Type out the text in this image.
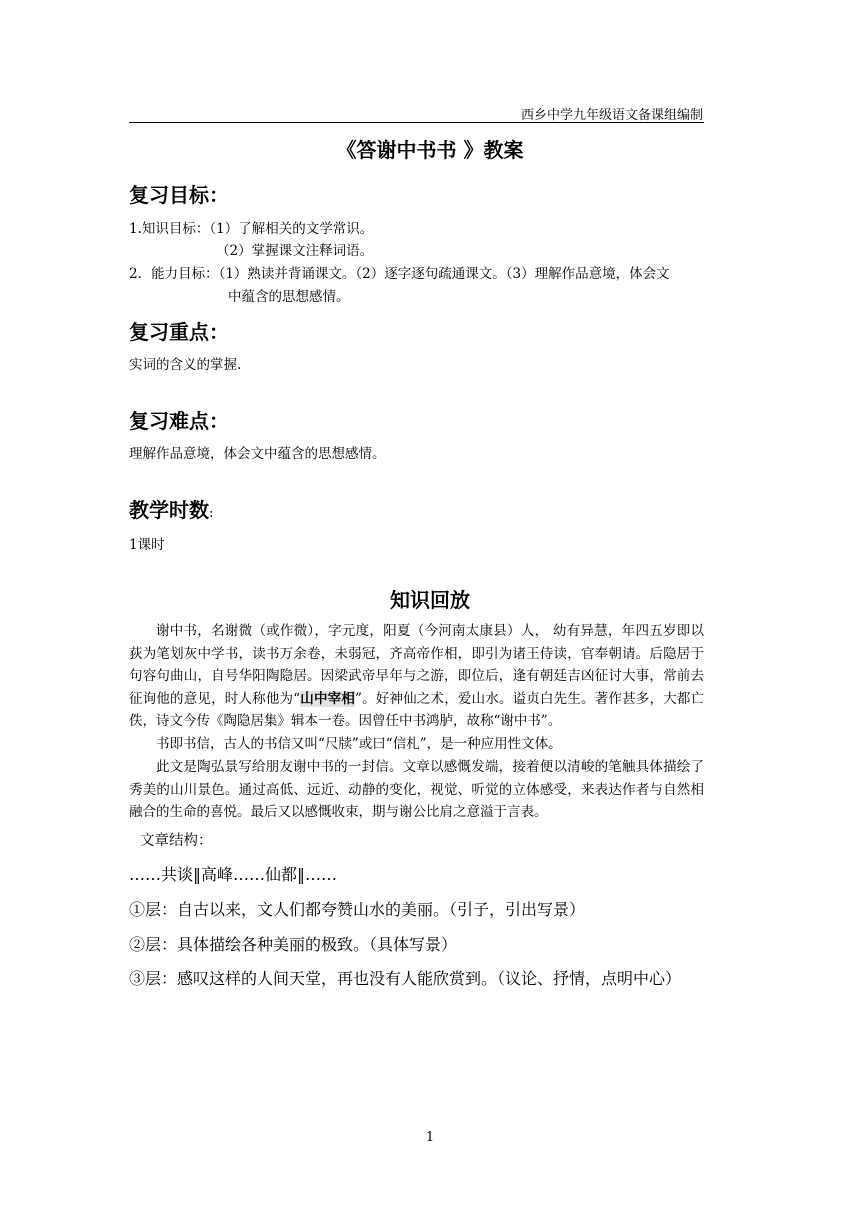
西乡中学九年级语文备课组编制
《答谢中书书 》教案
复习目标：
1.知识目标：（1）了解相关的文学常识。
（2）掌握课文注释词语。
2．能力目标：（1）熟读并背诵课文。（2）逐字逐句疏通课文。（3）理解作品意境，体会文
中蕴含的思想感情。
复习重点：
实词的含义的掌握.
复习难点：
理解作品意境，体会文中蕴含的思想感情。
教学时数:
1课时
知识回放
谢中书，名谢微（或作微），字元度，阳夏（今河南太康县）人， 幼有异慧，年四五岁即以荻为笔划灰中学书，读书万余卷，未弱冠，齐高帝作相，即引为诸王侍读，官奉朝请。后隐居于句容句曲山，自号华阳陶隐居。因梁武帝早年与之游，即位后，逢有朝廷吉凶征讨大事，常前去征询他的意见，时人称他为“山中宰相”。好神仙之术，爱山水。谥贞白先生。著作甚多，大都亡佚，诗文今传《陶隐居集》辑本一卷。因曾任中书鸿胪，故称“谢中书”。
书即书信，古人的书信又叫“尺牍”或曰“信札”，是一种应用性文体。
此文是陶弘景写给朋友谢中书的一封信。文章以感慨发端，接着便以清峻的笔触具体描绘了秀美的山川景色。通过高低、远近、动静的变化，视觉、听觉的立体感受，来表达作者与自然相融合的生命的喜悦。最后又以感慨收束，期与谢公比肩之意溢于言表。
文章结构：
……共谈‖高峰……仙都‖……
①层：自古以来，文人们都夸赞山水的美丽。（引子，引出写景）
②层：具体描绘各种美丽的极致。（具体写景）
③层：感叹这样的人间天堂，再也没有人能欣赏到。（议论、抒情，点明中心）
1
